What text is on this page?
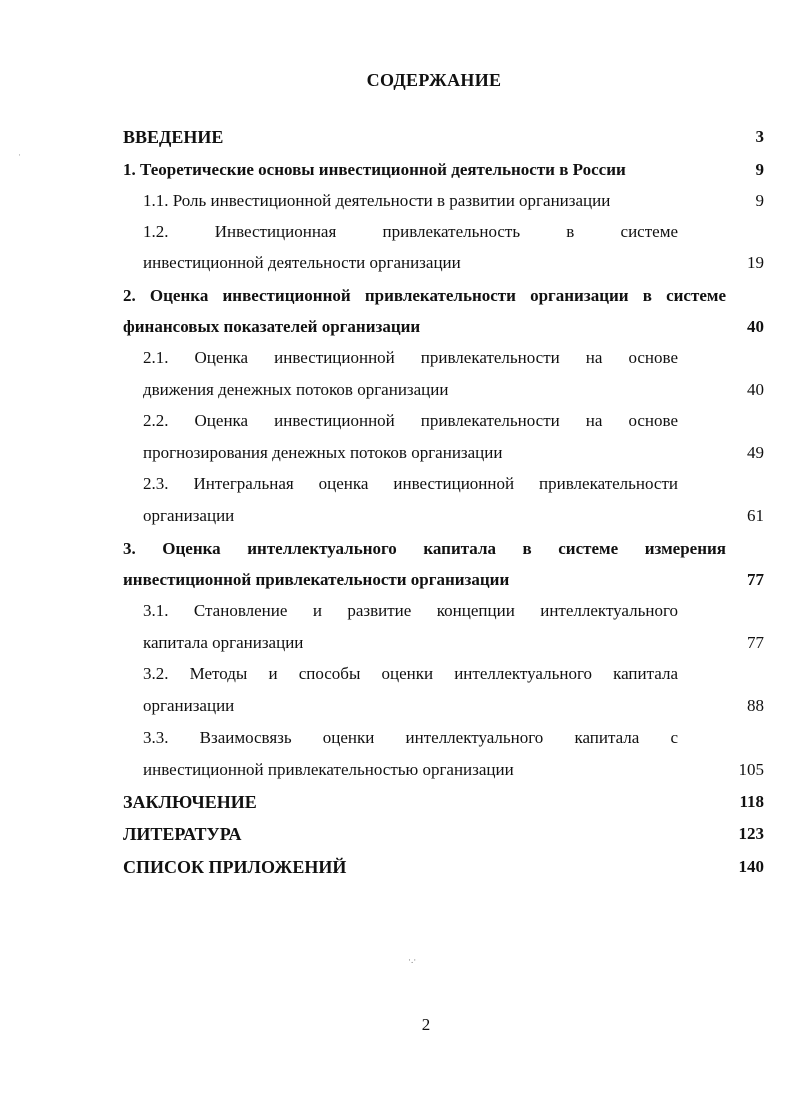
СОДЕРЖАНИЕ
·
ВВЕДЕНИЕ	3
1. Теоретические основы инвестиционной деятельности в России	9
1.1. Роль инвестиционной деятельности в развитии организации	9
1.2. Инвестиционная привлекательность в системе
инвестиционной деятельности организации	19
2. Оценка инвестиционной привлекательности организации в системе
финансовых показателей организации	40
2.1. Оценка инвестиционной привлекательности на основе
движения денежных потоков организации	40
2.2. Оценка инвестиционной привлекательности на основе
прогнозирования денежных потоков организации	49
2.3. Интегральная оценка инвестиционной привлекательности
организации	61
3. Оценка интеллектуального капитала в системе измерения
инвестиционной привлекательности организации	77
3.1. Становление и развитие концепции интеллектуального
капитала организации	77
3.2. Методы и способы оценки интеллектуального капитала
организации	88
3.3. Взаимосвязь оценки интеллектуального капитала с
инвестиционной привлекательностью организации	105
ЗАКЛЮЧЕНИЕ	118
ЛИТЕРАТУРА	123
СПИСОК ПРИЛОЖЕНИЙ	140
·.·
2
